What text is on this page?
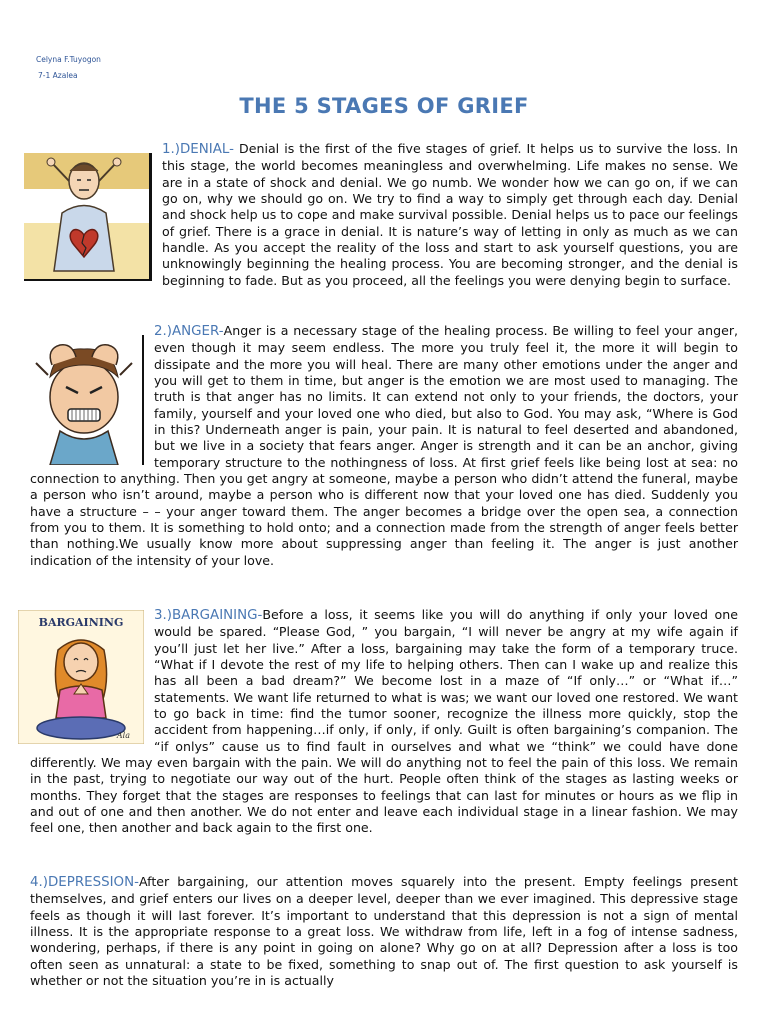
Celyna F.Tuyogon
7-1 Azalea
THE 5 STAGES OF GRIEF

1.)DENIAL- Denial is the first of the five stages of grief. It helps us to survive the loss. In this stage, the world becomes meaningless and overwhelming. Life makes no sense. We are in a state of shock and denial. We go numb. We wonder how we can go on, if we can go on, why we should go on. We try to find a way to simply get through each day. Denial and shock help us to cope and make survival possible. Denial helps us to pace our feelings of grief. There is a grace in denial. It is nature’s way of letting in only as much as we can handle. As you accept the reality of the loss and start to ask yourself questions, you are unknowingly beginning the healing process. You are becoming stronger, and the denial is beginning to fade. But as you proceed, all the feelings you were denying begin to surface.

2.)ANGER-Anger is a necessary stage of the healing process. Be willing to feel your anger, even though it may seem endless. The more you truly feel it, the more it will begin to dissipate and the more you will heal. There are many other emotions under the anger and you will get to them in time, but anger is the emotion we are most used to managing. The truth is that anger has no limits. It can extend not only to your friends, the doctors, your family, yourself and your loved one who died, but also to God. You may ask, “Where is God in this? Underneath anger is pain, your pain. It is natural to feel deserted and abandoned, but we live in a society that fears anger. Anger is strength and it can be an anchor, giving temporary structure to the nothingness of loss. At first grief feels like being lost at sea: no connection to anything. Then you get angry at someone, maybe a person who didn’t attend the funeral, maybe a person who isn’t around, maybe a person who is different now that your loved one has died. Suddenly you have a structure – – your anger toward them. The anger becomes a bridge over the open sea, a connection from you to them. It is something to hold onto; and a connection made from the strength of anger feels better than nothing.We usually know more about suppressing anger than feeling it. The anger is just another indication of the intensity of your love.

BARGAINING
Ala

3.)BARGAINING-Before a loss, it seems like you will do anything if only your loved one would be spared. “Please God, ” you bargain, “I will never be angry at my wife again if you’ll just let her live.” After a loss, bargaining may take the form of a temporary truce. “What if I devote the rest of my life to helping others. Then can I wake up and realize this has all been a bad dream?” We become lost in a maze of “If only…” or “What if…” statements. We want life returned to what is was; we want our loved one restored. We want to go back in time: find the tumor sooner, recognize the illness more quickly, stop the accident from happening…if only, if only, if only. Guilt is often bargaining’s companion. The “if onlys” cause us to find fault in ourselves and what we “think” we could have done differently. We may even bargain with the pain. We will do anything not to feel the pain of this loss. We remain in the past, trying to negotiate our way out of the hurt. People often think of the stages as lasting weeks or months. They forget that the stages are responses to feelings that can last for minutes or hours as we flip in and out of one and then another. We do not enter and leave each individual stage in a linear fashion. We may feel one, then another and back again to the first one.

4.)DEPRESSION-After bargaining, our attention moves squarely into the present. Empty feelings present themselves, and grief enters our lives on a deeper level, deeper than we ever imagined. This depressive stage feels as though it will last forever. It’s important to understand that this depression is not a sign of mental illness. It is the appropriate response to a great loss. We withdraw from life, left in a fog of intense sadness, wondering, perhaps, if there is any point in going on alone? Why go on at all? Depression after a loss is too often seen as unnatural: a state to be fixed, something to snap out of. The first question to ask yourself is whether or not the situation you’re in is actually
